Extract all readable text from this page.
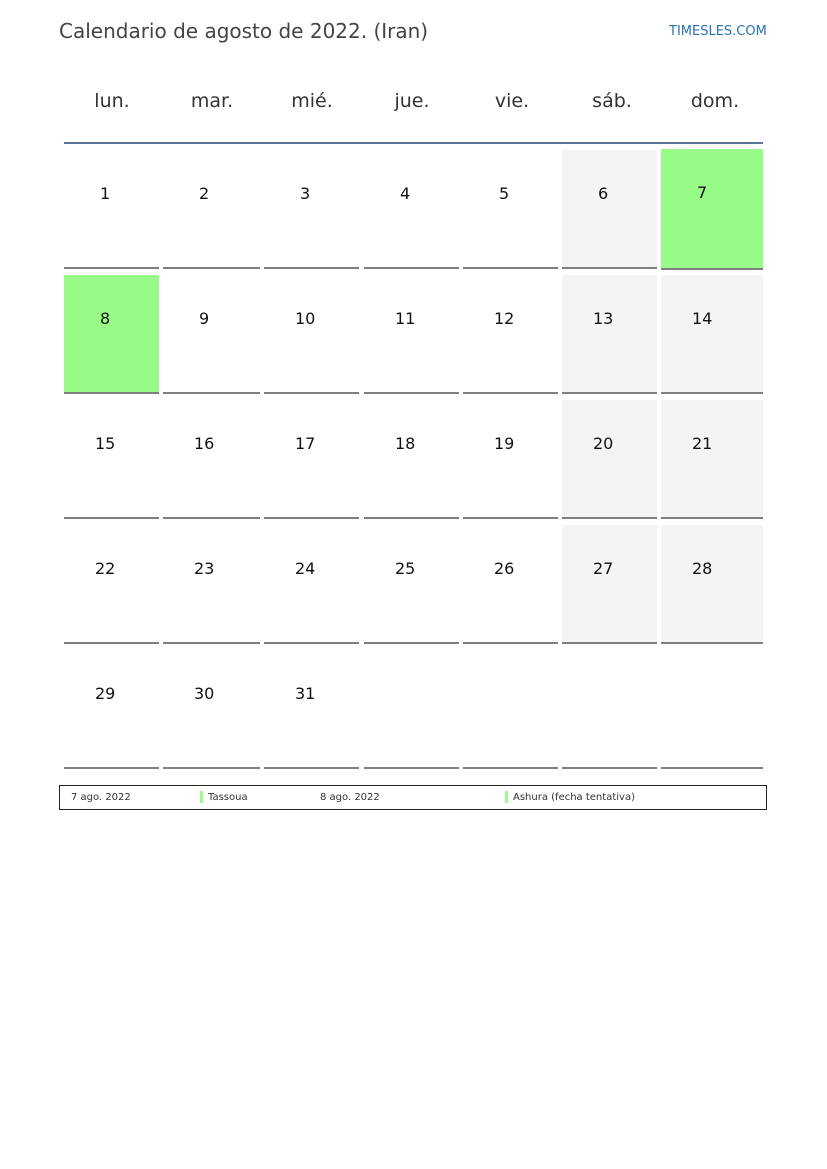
Calendario de agosto de 2022. (Iran)	TIMESLES.COM
lun.	mar.	mié.	jue.	vie.	sáb.	dom.
1	2	3	4	5	6	7
8	9	10	11	12	13	14
15	16	17	18	19	20	21
22	23	24	25	26	27	28
29	30	31
7 ago. 2022	Tassoua	8 ago. 2022	Ashura (fecha tentativa)
